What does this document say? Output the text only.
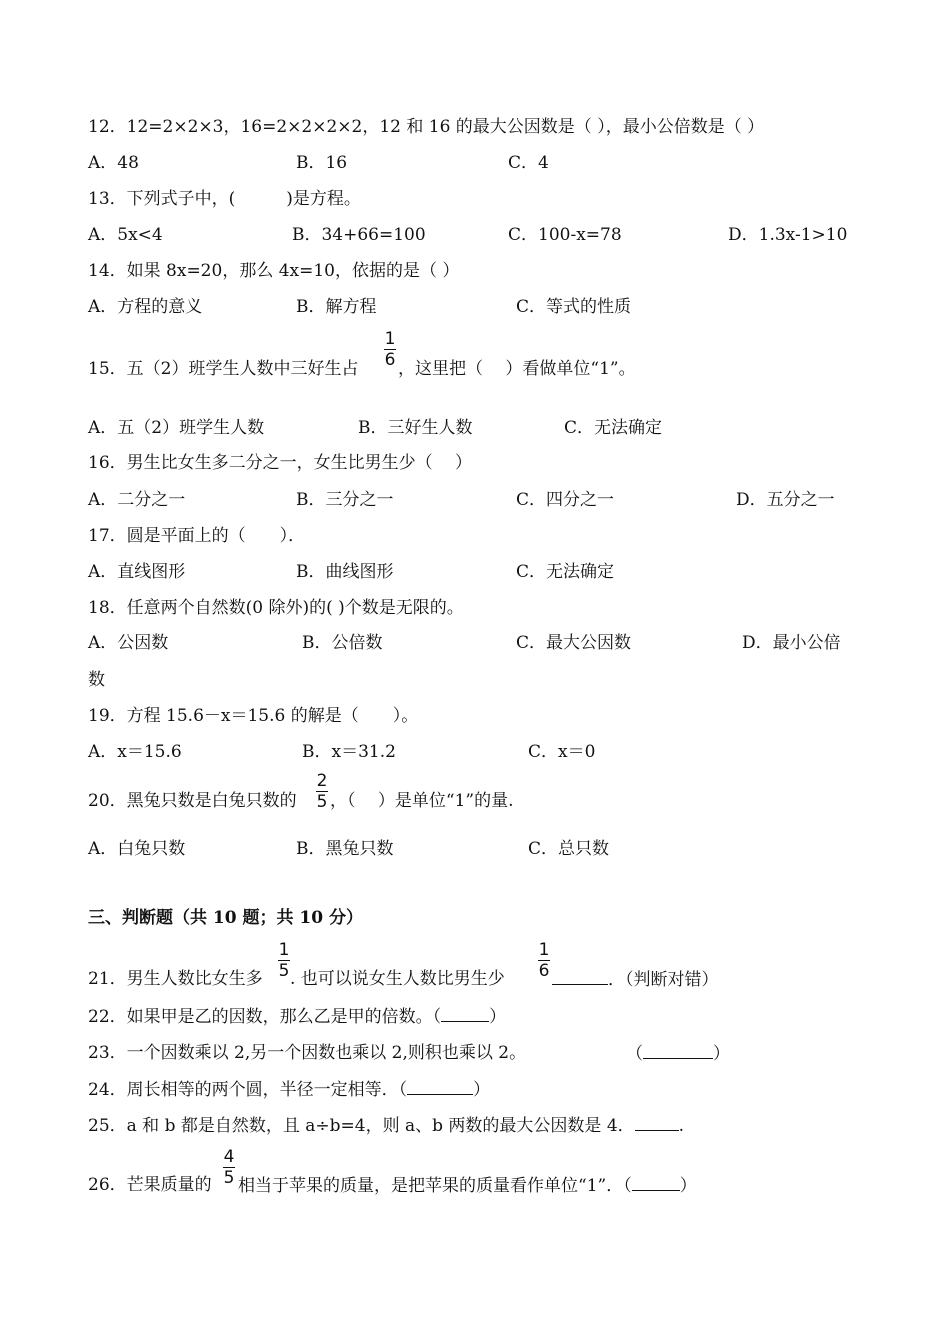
12．12=2×2×3，16=2×2×2×2，12 和 16 的最大公因数是（ ），最小公倍数是（ ）
A．48	B．16	C．4
13．下列式子中，(　　　)是方程。
A．5x<4	B．34+66=100	C．100-x=78	D．1.3x-1>10
14．如果 8x=20，那么 4x=10，依据的是（ ）
A．方程的意义	B．解方程	C．等式的性质
15．五（2）班学生人数中三好生占
1
6 ，这里把（　 ）看做单位“1”。
A．五（2）班学生人数	B．三好生人数	C．无法确定
16．男生比女生多二分之一，女生比男生少（　 ）
A．二分之一	B．三分之一	C．四分之一	D．五分之一
17．圆是平面上的（　　）．
A．直线图形	B．曲线图形	C．无法确定
18．任意两个自然数(0 除外)的( )个数是无限的。
A．公因数	B．公倍数	C．最大公因数	D．最小公倍
数
19．方程 15.6－x＝15.6 的解是（　　）。
A．x＝15.6	B．x＝31.2	C．x＝0
20．黑兔只数是白兔只数的
2
5 ，（　 ）是单位“1”的量.
A．白兔只数	B．黑兔只数	C．总只数
三、判断题（共 10 题；共 10 分）
21．男生人数比女生多
1
5 . 也可以说女生人数比男生少
1
6	．（判断对错）
22．如果甲是乙的因数，那么乙是甲的倍数。（	）
23．一个因数乘以 2,另一个因数也乘以 2,则积也乘以 2。	（	）
24．周长相等的两个圆，半径一定相等．（	）
25．a 和 b 都是自然数，且 a÷b=4，则 a、b 两数的最大公因数是 4．	.
26．芒果质量的
4
5 相当于苹果的质量，是把苹果的质量看作单位“1”．（	）
